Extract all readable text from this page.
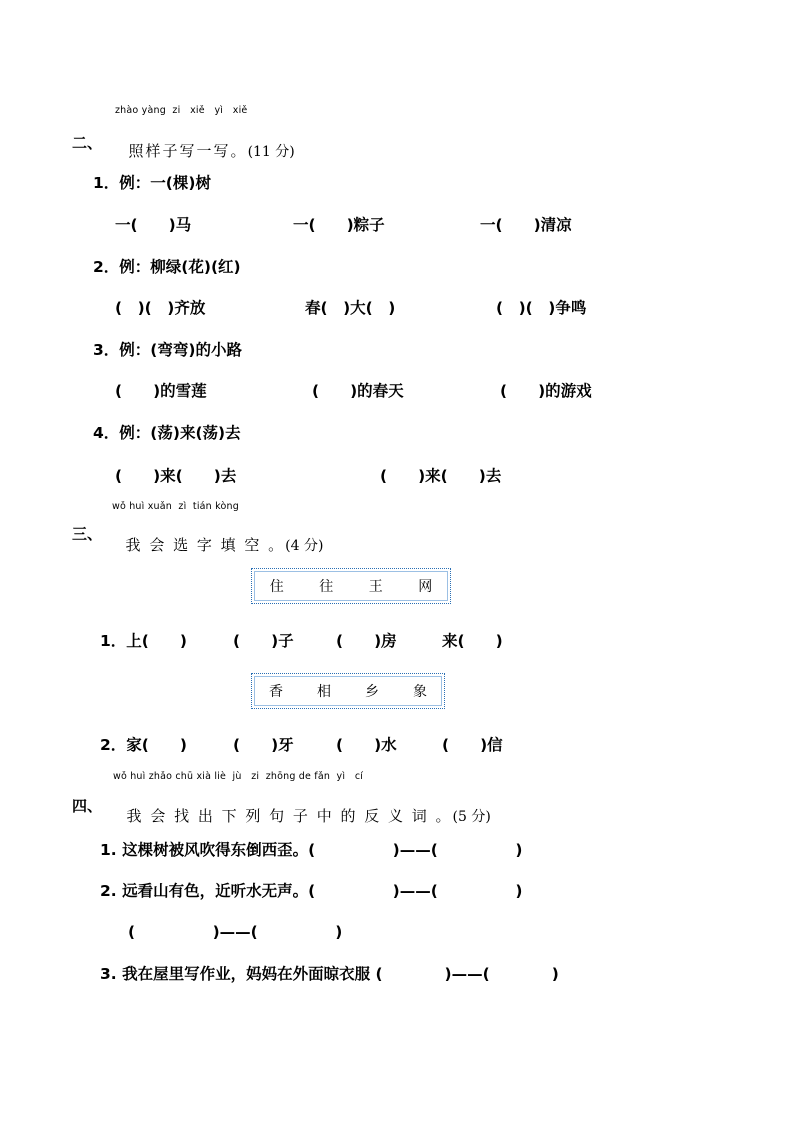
zhào yàng  zi   xiě   yì   xiě
二、	照样子写一写。(11 分)

1．例：一(棵)树
一(　　)马	一(　　)粽子	一(　　)清凉
2．例：柳绿(花)(红)
(　)(　)齐放	春(　)大(　)	(　)(　)争鸣
3．例：(弯弯)的小路
(　　)的雪莲	(　　)的春天	(　　)的游戏
4．例：(荡)来(荡)去
(　　)来(　　)去	(　　)来(　　)去
wǒ huì xuǎn  zì  tián kòng
三、

我 会 选 字 填 空 。(4 分)

住	往	王	网
1．上(　　)	(　　)子	(　　)房	来(　　)
香 相 乡 象
2．家(　　)	(　　)牙	(　　)水	(　　)信
wǒ huì zhǎo chū xià liè  jù   zi  zhōng de fǎn  yì   cí
四、

我 会 找 出 下 列 句 子 中 的 反 义 词 。(5 分)

1. 这棵树被风吹得东倒西歪。(　　　　　)——(　　　　　)
2. 远看山有色，近听水无声。(　　　　　)——(　　　　　)
(　　　　　)——(　　　　　)
3. 我在屋里写作业，妈妈在外面晾衣服 (　　　　)——(　　　　)
